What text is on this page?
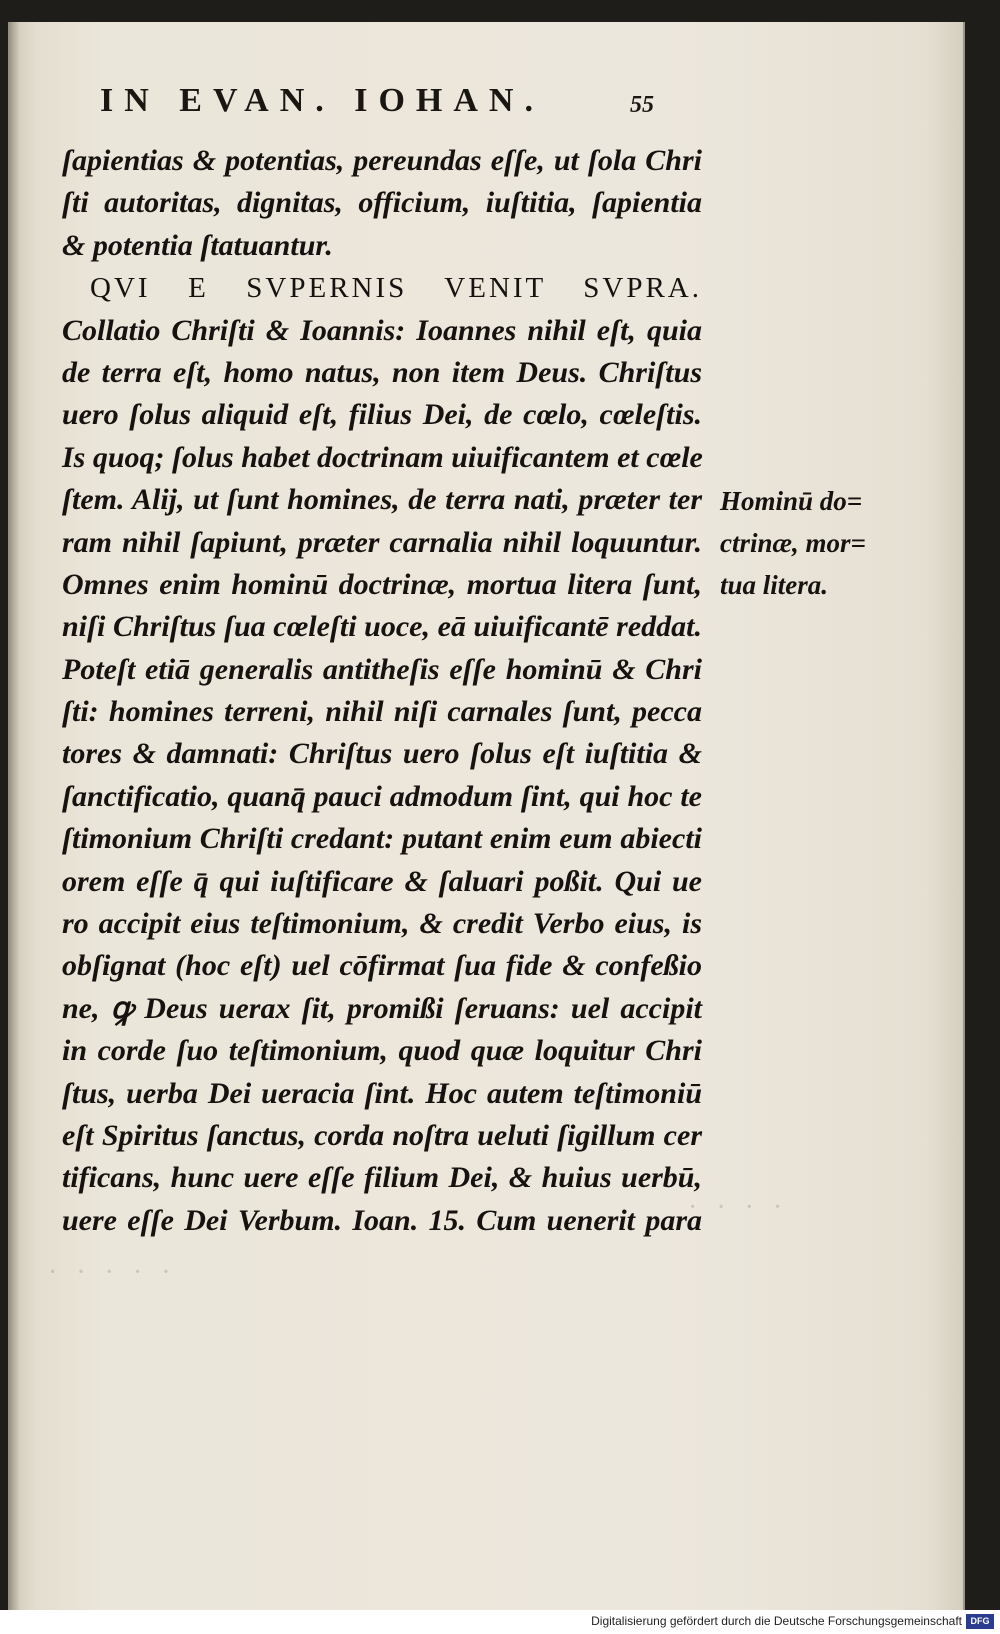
· · · ·
· · · · ·
IN EVAN. IOHAN.	55
ſapientias & potentias, pereundas eſſe, ut ſola Chri
ſti autoritas, dignitas, officium, iuſtitia, ſapientia
& potentia ſtatuantur.
QVI E SVPERNIS VENIT SVPRA.
Collatio Chriſti & Ioannis: Ioannes nihil eſt, quia
de terra eſt, homo natus, non item Deus. Chriſtus
uero ſolus aliquid eſt, filius Dei, de cœlo, cœleſtis.
Is quoq; ſolus habet doctrinam uiuificantem et cœle
ſtem. Alij, ut ſunt homines, de terra nati, præter ter
ram nihil ſapiunt, præter carnalia nihil loquuntur.
Omnes enim hominū doctrinæ, mortua litera ſunt,
niſi Chriſtus ſua cœleſti uoce, eā uiuificantē reddat.
Poteſt etiā generalis antitheſis eſſe hominū & Chri
ſti: homines terreni, nihil niſi carnales ſunt, pecca
tores & damnati: Chriſtus uero ſolus eſt iuſtitia &
ſanctificatio, quanq̄ pauci admodum ſint, qui hoc te
ſtimonium Chriſti credant: putant enim eum abiecti
orem eſſe q̄ qui iuſtificare & ſaluari poßit. Qui ue
ro accipit eius teſtimonium, & credit Verbo eius, is
obſignat (hoc eſt) uel cōfirmat ſua fide & confeßio
ne, ꝙ Deus uerax ſit, promißi ſeruans: uel accipit
in corde ſuo teſtimonium, quod quæ loquitur Chri
ſtus, uerba Dei ueracia ſint. Hoc autem teſtimoniū
eſt Spiritus ſanctus, corda noſtra ueluti ſigillum cer
tificans, hunc uere eſſe filium Dei, & huius uerbū,
uere eſſe Dei Verbum. Ioan. 15. Cum uenerit para
Hominū do=
ctrinæ, mor=
tua litera.
Digitalisierung gefördert durch die Deutsche Forschungsgemeinschaft DFG
